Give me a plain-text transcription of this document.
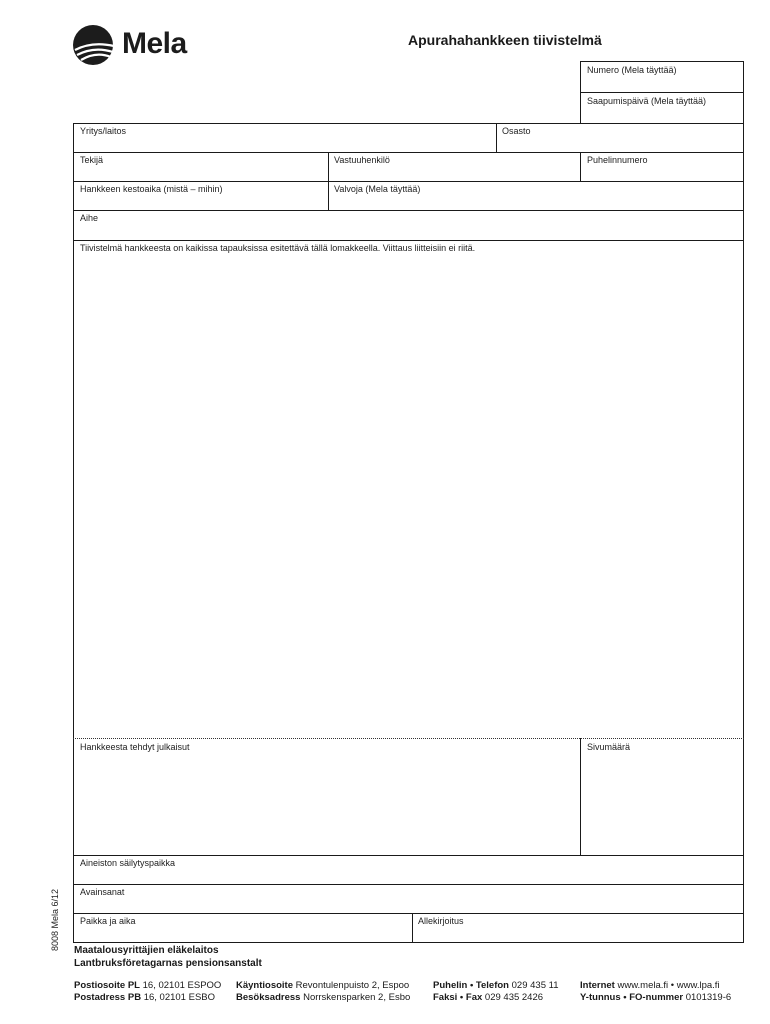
Mela	Apurahahankkeen tiivistelmä
Numero (Mela täyttää)
Saapumispäivä (Mela täyttää)
Yritys/laitos	Osasto
Tekijä	Vastuuhenkilö	Puhelinnumero
Hankkeen kestoaika (mistä – mihin)	Valvoja (Mela täyttää)
Aihe
Tiivistelmä hankkeesta on kaikissa tapauksissa esitettävä tällä lomakkeella. Viittaus liitteisiin ei riitä.
Hankkeesta tehdyt julkaisut	Sivumäärä
Aineiston säilytyspaikka
Avainsanat
Paikka ja aika	Allekirjoitus
8008 Mela 6/12 Maatalousyrittäjien eläkelaitos
Lantbruksföretagarnas pensionsanstalt
Postiosoite PL 16, 02101 ESPOO
Postadress PB 16, 02101 ESBO
Käyntiosoite Revontulenpuisto 2, Espoo
Besöksadress Norrskensparken 2, Esbo
Puhelin • Telefon 029 435 11
Faksi • Fax 029 435 2426
Internet www.mela.fi • www.lpa.fi
Y-tunnus • FO-nummer 0101319-6
